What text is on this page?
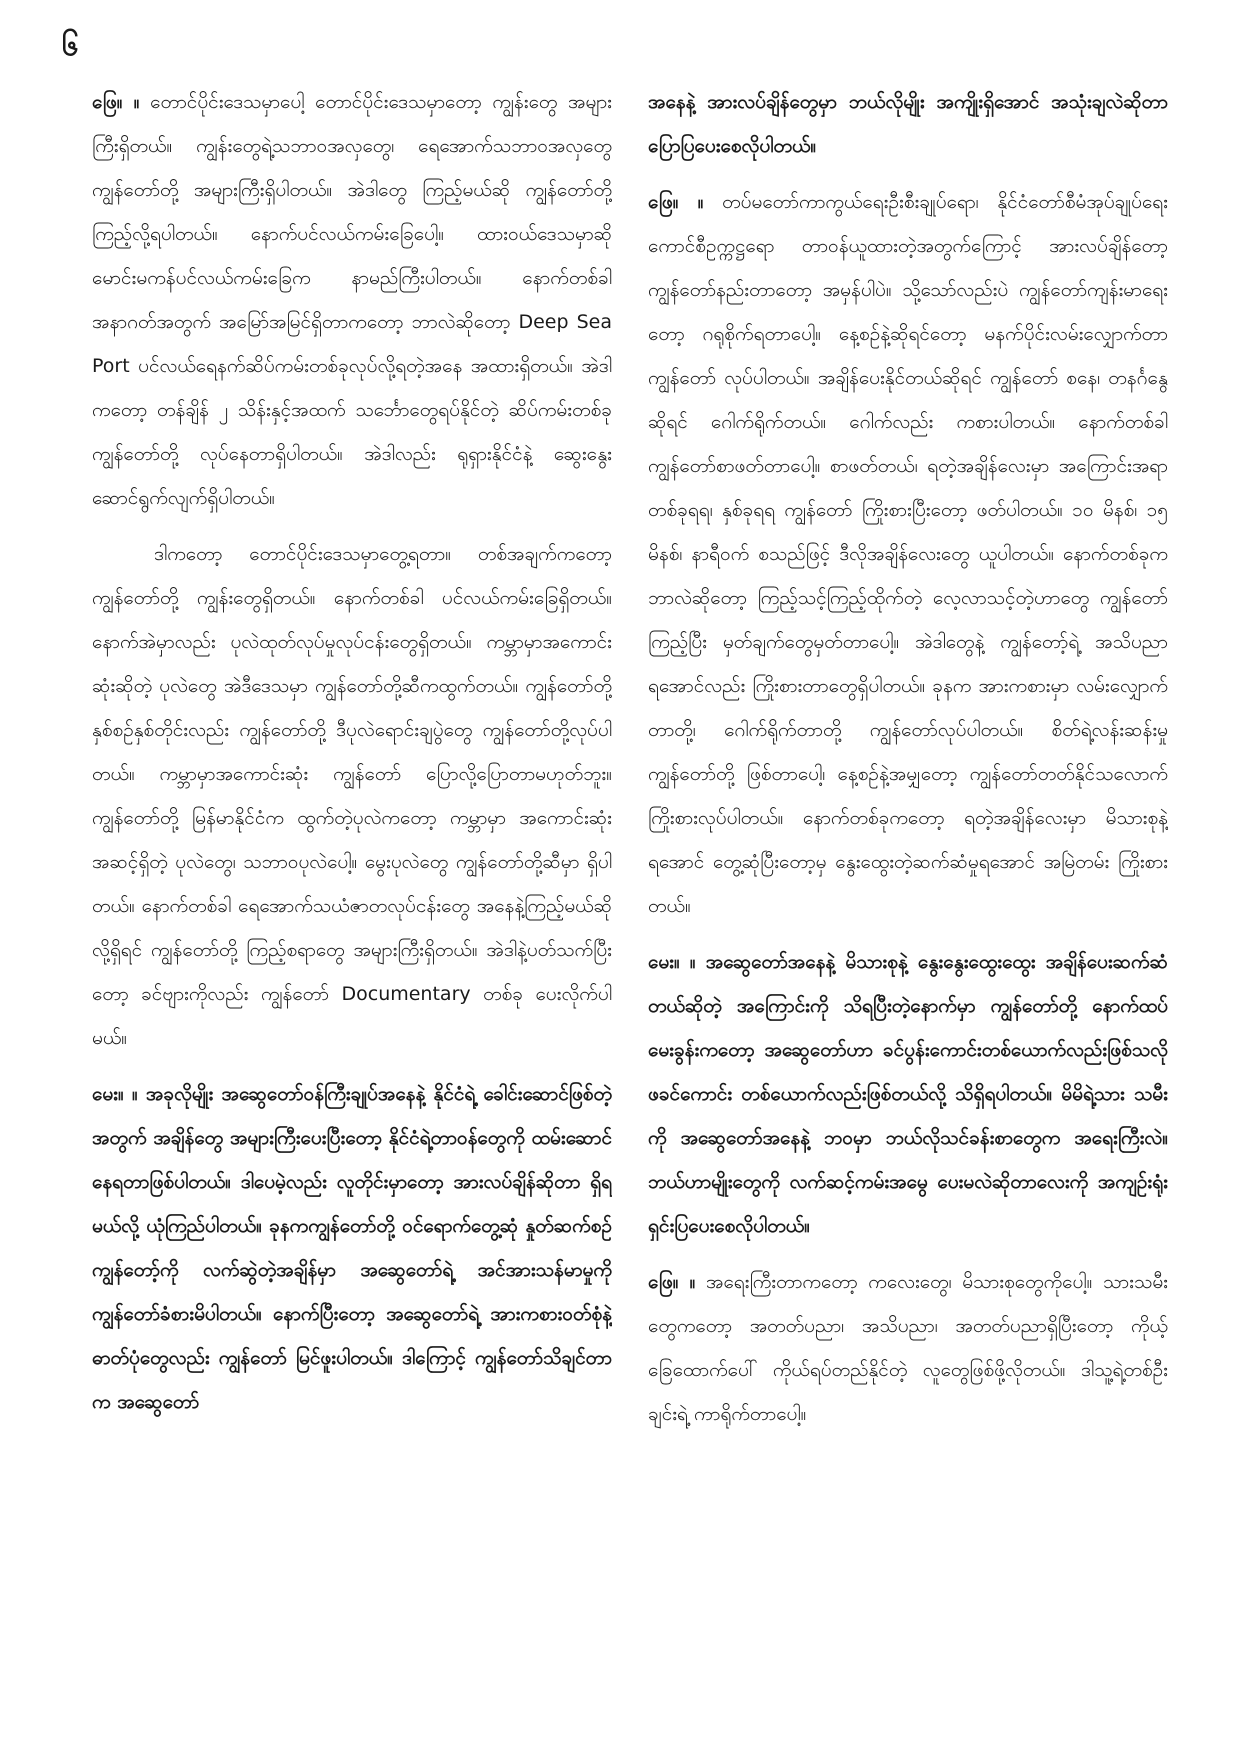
၆

ဖြေ။ ။ တောင်ပိုင်းဒေသမှာပေါ့ တောင်ပိုင်းဒေသမှာတော့ ကျွန်းတွေ အများကြီးရှိတယ်။ ကျွန်းတွေရဲ့သဘာဝအလှတွေ၊ ရေအောက်သဘာဝအလှတွေ ကျွန်တော်တို့ အများကြီးရှိပါတယ်။ အဲဒါတွေ ကြည့်မယ်ဆို ကျွန်တော်တို့ ကြည့်လို့ရပါတယ်။ နောက်ပင်လယ်ကမ်းခြေပေါ့။ ထားဝယ်ဒေသမှာဆို မောင်းမကန်ပင်လယ်ကမ်းခြေက နာမည်ကြီးပါတယ်။ နောက်တစ်ခါ အနာဂတ်အတွက် အမြော်အမြင်ရှိတာကတော့ ဘာလဲဆိုတော့ Deep Sea Port ပင်လယ်ရေနက်ဆိပ်ကမ်းတစ်ခုလုပ်လို့ရတဲ့အနေ အထားရှိတယ်။ အဲဒါကတော့ တန်ချိန် ၂ သိန်းနှင့်အထက် သင်္ဘောတွေရပ်နိုင်တဲ့ ဆိပ်ကမ်းတစ်ခု ကျွန်တော်တို့ လုပ်နေတာရှိပါတယ်။ အဲဒါလည်း ရုရှားနိုင်ငံနဲ့ ဆွေးနွေးဆောင်ရွက်လျက်ရှိပါတယ်။

ဒါကတော့ တောင်ပိုင်းဒေသမှာတွေ့ရတာ။ တစ်အချက်ကတော့ ကျွန်တော်တို့ ကျွန်းတွေရှိတယ်။ နောက်တစ်ခါ ပင်လယ်ကမ်းခြေရှိတယ်။ နောက်အဲမှာလည်း ပုလဲထုတ်လုပ်မှုလုပ်ငန်းတွေရှိတယ်။ ကမ္ဘာမှာအကောင်းဆုံးဆိုတဲ့ ပုလဲတွေ အဲဒီဒေသမှာ ကျွန်တော်တို့ဆီကထွက်တယ်။ ကျွန်တော်တို့ နှစ်စဉ်နှစ်တိုင်းလည်း ကျွန်တော်တို့ ဒီပုလဲရောင်းချပွဲတွေ ကျွန်တော်တို့လုပ်ပါတယ်။ ကမ္ဘာမှာအကောင်းဆုံး ကျွန်တော် ပြောလို့ပြောတာမဟုတ်ဘူး။ ကျွန်တော်တို့ မြန်မာနိုင်ငံက ထွက်တဲ့ပုလဲကတော့ ကမ္ဘာမှာ အကောင်းဆုံးအဆင့်ရှိတဲ့ ပုလဲတွေ၊ သဘာဝပုလဲပေါ့။ မွေးပုလဲတွေ ကျွန်တော်တို့ဆီမှာ ရှိပါတယ်။ နောက်တစ်ခါ ရေအောက်သယံဇာတလုပ်ငန်းတွေ အနေနဲ့ကြည့်မယ်ဆိုလို့ရှိရင် ကျွန်တော်တို့ ကြည့်စရာတွေ အများကြီးရှိတယ်။ အဲဒါနဲ့ပတ်သက်ပြီးတော့ ခင်ဗျားကိုလည်း ကျွန်တော် Documentary တစ်ခု ပေးလိုက်ပါမယ်။

မေး။ ။ အခုလိုမျိုး အဆွေတော်ဝန်ကြီးချုပ်အနေနဲ့ နိုင်ငံရဲ့ ခေါင်းဆောင်ဖြစ်တဲ့အတွက် အချိန်တွေ အများကြီးပေးပြီးတော့ နိုင်ငံရဲ့တာဝန်တွေကို ထမ်းဆောင်နေရတာဖြစ်ပါတယ်။ ဒါပေမဲ့လည်း လူတိုင်းမှာတော့ အားလပ်ချိန်ဆိုတာ ရှိရမယ်လို့ ယုံကြည်ပါတယ်။ ခုနကကျွန်တော်တို့ ဝင်ရောက်တွေ့ဆုံ နှုတ်ဆက်စဉ် ကျွန်တော့်ကို လက်ဆွဲတဲ့အချိန်မှာ အဆွေတော်ရဲ့ အင်အားသန်မာမှုကို ကျွန်တော်ခံစားမိပါတယ်။ နောက်ပြီးတော့ အဆွေတော်ရဲ့ အားကစားဝတ်စုံနဲ့ ဓာတ်ပုံတွေလည်း ကျွန်တော် မြင်ဖူးပါတယ်။ ဒါကြောင့် ကျွန်တော်သိချင်တာက အဆွေတော်

အနေနဲ့ အားလပ်ချိန်တွေမှာ ဘယ်လိုမျိုး အကျိုးရှိအောင် အသုံးချလဲဆိုတာ ပြောပြပေးစေလိုပါတယ်။

ဖြေ။ ။ တပ်မတော်ကာကွယ်ရေးဦးစီးချုပ်ရော၊ နိုင်ငံတော်စီမံအုပ်ချုပ်ရေးကောင်စီဥက္ကဋ္ဌရော တာဝန်ယူထားတဲ့အတွက်ကြောင့် အားလပ်ချိန်တော့ ကျွန်တော်နည်းတာတော့ အမှန်ပါပဲ။ သို့သော်လည်းပဲ ကျွန်တော်ကျန်းမာရေးတော့ ဂရုစိုက်ရတာပေါ့။ နေ့စဉ်နဲ့ဆိုရင်တော့ မနက်ပိုင်းလမ်းလျှောက်တာ ကျွန်တော် လုပ်ပါတယ်။ အချိန်ပေးနိုင်တယ်ဆိုရင် ကျွန်တော် စနေ၊ တနင်္ဂနွေဆိုရင် ဂေါက်ရိုက်တယ်။ ဂေါက်လည်း ကစားပါတယ်။ နောက်တစ်ခါ ကျွန်တော်စာဖတ်တာပေါ့။ စာဖတ်တယ်၊ ရတဲ့အချိန်လေးမှာ အကြောင်းအရာတစ်ခုရရ၊ နှစ်ခုရရ ကျွန်တော် ကြိုးစားပြီးတော့ ဖတ်ပါတယ်။ ၁၀ မိနစ်၊ ၁၅ မိနစ်၊ နာရီဝက် စသည်ဖြင့် ဒီလိုအချိန်လေးတွေ ယူပါတယ်။ နောက်တစ်ခုက ဘာလဲဆိုတော့ ကြည့်သင့်ကြည့်ထိုက်တဲ့ လေ့လာသင့်တဲ့ဟာတွေ ကျွန်တော်ကြည့်ပြီး မှတ်ချက်တွေမှတ်တာပေါ့။ အဲဒါတွေနဲ့ ကျွန်တော့်ရဲ့ အသိပညာရအောင်လည်း ကြိုးစားတာတွေရှိပါတယ်။ ခုနက အားကစားမှာ လမ်းလျှောက်တာတို့၊ ဂေါက်ရိုက်တာတို့ ကျွန်တော်လုပ်ပါတယ်။ စိတ်ရဲ့လန်းဆန်းမှု ကျွန်တော်တို့ ဖြစ်တာပေါ့၊ နေ့စဉ်နဲ့အမျှတော့ ကျွန်တော်တတ်နိုင်သလောက် ကြိုးစားလုပ်ပါတယ်။ နောက်တစ်ခုကတော့ ရတဲ့အချိန်လေးမှာ မိသားစုနဲ့ရအောင် တွေ့ဆုံပြီးတော့မှ နွေးထွေးတဲ့ဆက်ဆံမှုရအောင် အမြဲတမ်း ကြိုးစားတယ်။

မေး။ ။ အဆွေတော်အနေနဲ့ မိသားစုနဲ့ နွေးနွေးထွေးထွေး အချိန်ပေးဆက်ဆံတယ်ဆိုတဲ့ အကြောင်းကို သိရပြီးတဲ့နောက်မှာ ကျွန်တော်တို့ နောက်ထပ်မေးခွန်းကတော့ အဆွေတော်ဟာ ခင်ပွန်းကောင်းတစ်ယောက်လည်းဖြစ်သလို ဖခင်ကောင်း တစ်ယောက်လည်းဖြစ်တယ်လို့ သိရှိရပါတယ်။ မိမိရဲ့သား သမီးကို အဆွေတော်အနေနဲ့ ဘဝမှာ ဘယ်လိုသင်ခန်းစာတွေက အရေးကြီးလဲ။ ဘယ်ဟာမျိုးတွေကို လက်ဆင့်ကမ်းအမွေ ပေးမလဲဆိုတာလေးကို အကျဉ်းရုံး ရှင်းပြပေးစေလိုပါတယ်။

ဖြေ။ ။ အရေးကြီးတာကတော့ ကလေးတွေ၊ မိသားစုတွေကိုပေါ့။ သားသမီးတွေကတော့ အတတ်ပညာ၊ အသိပညာ၊ အတတ်ပညာရှိပြီးတော့ ကိုယ့်ခြေထောက်ပေါ် ကိုယ်ရပ်တည်နိုင်တဲ့ လူတွေဖြစ်ဖို့လိုတယ်။ ဒါသူ့ရဲ့တစ်ဦးချင်းရဲ့ ကာရိုက်တာပေါ့။
